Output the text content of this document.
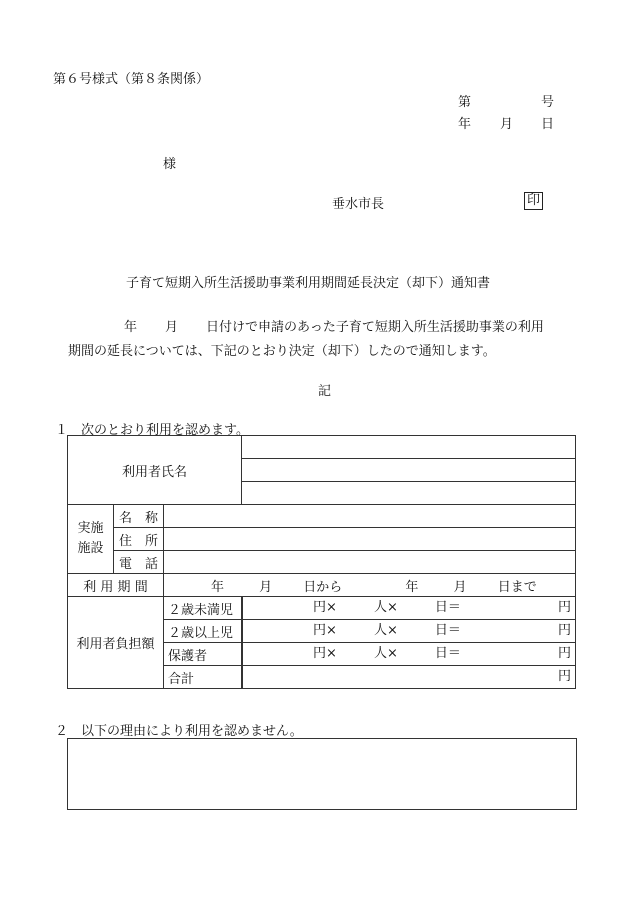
第６号様式（第８条関係）
第	号
年 月 日
様
垂水市長	印
子育て短期入所生活援助事業利用期間延長決定（却下）通知書
年 月 日付けで申請のあった子育て短期入所生活援助事業の利用
期間の延長については、下記のとおり決定（却下）したので通知します。
記
１　次のとおり利用を認めます。
利用者氏名			

実施
施設	名　称		
	住　所		
	電　話		
利 用 期 間		年 月 日から 年 月 日まで	
利用者負担額		２歳未満児	円× 人× 日＝ 円

		２歳以上児	円× 人× 日＝ 円

		保護者	円× 人× 日＝ 円

		合計	円
２　以下の理由により利用を認めません。
